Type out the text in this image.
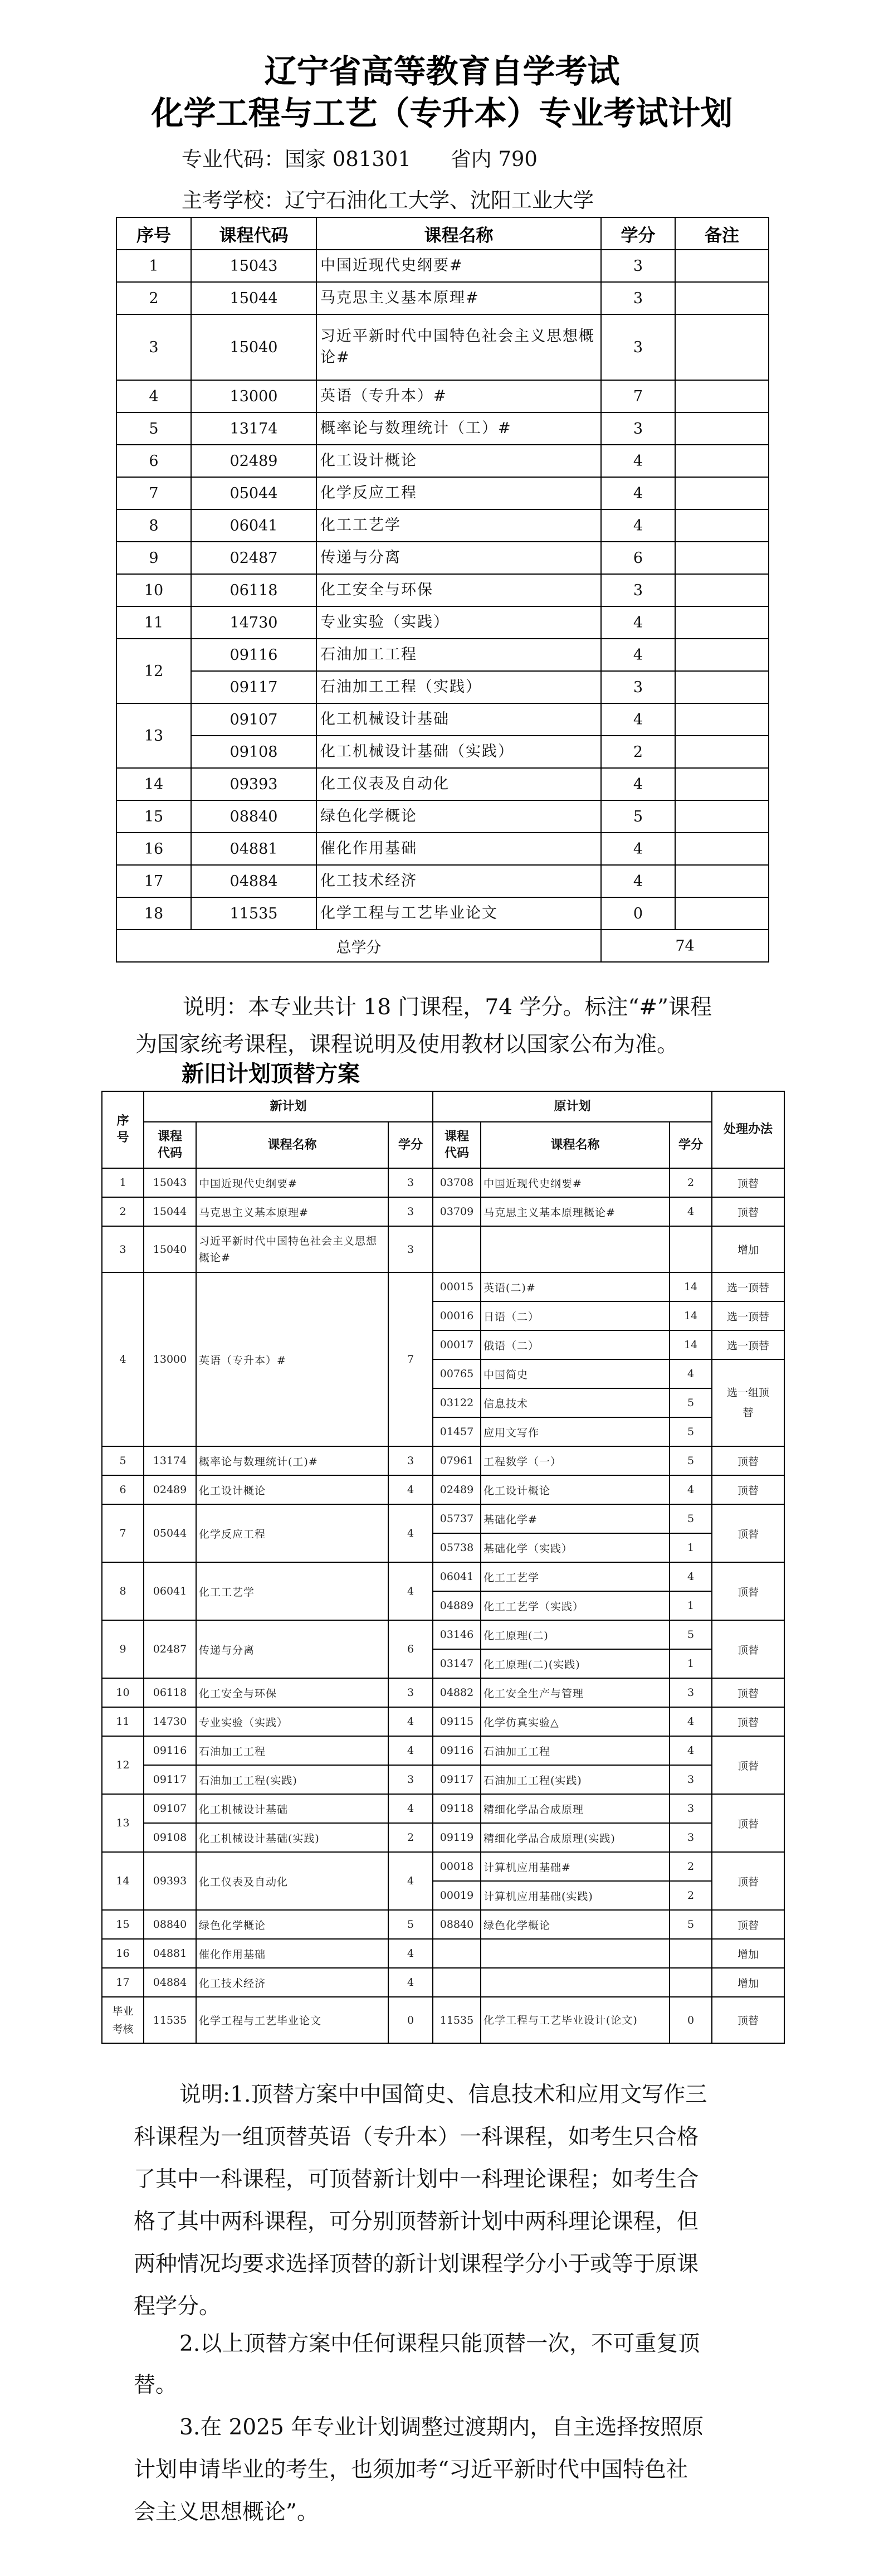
辽宁省高等教育自学考试
化学工程与工艺（专升本）专业考试计划
专业代码：国家 081301      省内 790
主考学校：辽宁石油化工大学、沈阳工业大学
序号	课程代码	课程名称	学分	备注
1	15043	中国近现代史纲要#	3	
2	15044	马克思主义基本原理#	3	
3	15040	习近平新时代中国特色社会主义思想概论#	3	
4	13000	英语（专升本）#	7	
5	13174	概率论与数理统计（工）#	3	
6	02489	化工设计概论	4	
7	05044	化学反应工程	4	
8	06041	化工工艺学	4	
9	02487	传递与分离	6	
10	06118	化工安全与环保	3	
11	14730	专业实验（实践）	4	
12	09116	石油加工工程	4	
	09117	石油加工工程（实践）	3	
13	09107	化工机械设计基础	4	
	09108	化工机械设计基础（实践）	2	
14	09393	化工仪表及自动化	4	
15	08840	绿色化学概论	5	
16	04881	催化作用基础	4	
17	04884	化工技术经济	4	
18	11535	化学工程与工艺毕业论文	0	
总学分			74	
说明：本专业共计 18 门课程，74 学分。标注“#”课程
为国家统考课程，课程说明及使用教材以国家公布为准。
新旧计划顶替方案
序号	新计划			原计划			处理办法
	课程代码	课程名称	学分	课程代码	课程名称	学分	
1	15043	中国近现代史纲要#	3	03708	中国近现代史纲要#	2	顶替
2	15044	马克思主义基本原理#	3	03709	马克思主义基本原理概论#	4	顶替
3	15040	习近平新时代中国特色社会主义思想概论#	3				增加
4	13000	英语（专升本）#	7	00015	英语(二)#	14	选一顶替
				00016	日语（二）	14	选一顶替
				00017	俄语（二）	14	选一顶替
				00765	中国简史	4	选一组顶替
				03122	信息技术	5	
				01457	应用文写作	5	
5	13174	概率论与数理统计(工)#	3	07961	工程数学（一）	5	顶替
6	02489	化工设计概论	4	02489	化工设计概论	4	顶替
7	05044	化学反应工程	4	05737	基础化学#	5	顶替
				05738	基础化学（实践）	1	
8	06041	化工工艺学	4	06041	化工工艺学	4	顶替
				04889	化工工艺学（实践）	1	
9	02487	传递与分离	6	03146	化工原理(二)	5	顶替
				03147	化工原理(二)(实践)	1	
10	06118	化工安全与环保	3	04882	化工安全生产与管理	3	顶替
11	14730	专业实验（实践）	4	09115	化学仿真实验△	4	顶替
12	09116	石油加工工程	4	09116	石油加工工程	4	顶替
	09117	石油加工工程(实践)	3	09117	石油加工工程(实践)	3	
13	09107	化工机械设计基础	4	09118	精细化学品合成原理	3	顶替
	09108	化工机械设计基础(实践)	2	09119	精细化学品合成原理(实践)	3	
14	09393	化工仪表及自动化	4	00018	计算机应用基础#	2	顶替
				00019	计算机应用基础(实践)	2	
15	08840	绿色化学概论	5	08840	绿色化学概论	5	顶替
16	04881	催化作用基础	4				增加
17	04884	化工技术经济	4				增加
毕业考核	11535	化学工程与工艺毕业论文	0	11535	化学工程与工艺毕业设计(论文)	0	顶替
说明:1.顶替方案中中国简史、信息技术和应用文写作三
科课程为一组顶替英语（专升本）一科课程，如考生只合格
了其中一科课程，可顶替新计划中一科理论课程；如考生合
格了其中两科课程，可分别顶替新计划中两科理论课程，但
两种情况均要求选择顶替的新计划课程学分小于或等于原课
程学分。
2.以上顶替方案中任何课程只能顶替一次，不可重复顶
替。
3.在 2025 年专业计划调整过渡期内，自主选择按照原
计划申请毕业的考生，也须加考“习近平新时代中国特色社
会主义思想概论”。
